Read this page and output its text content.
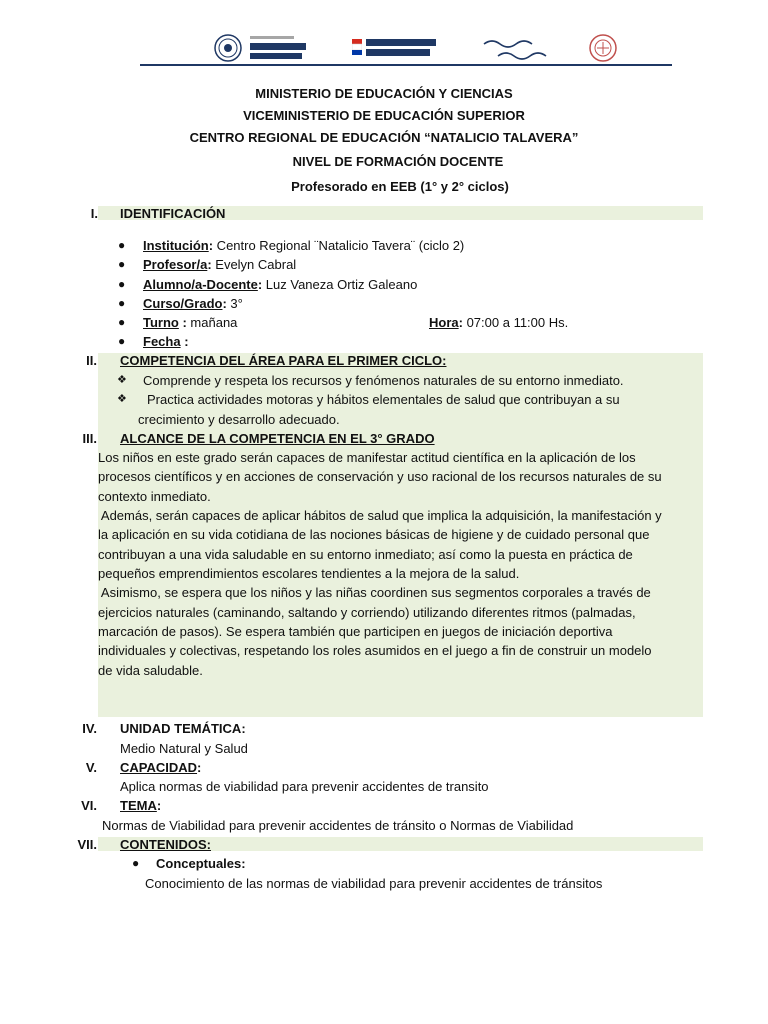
MINISTERIO DE EDUCACIÓN Y CIENCIAS
VICEMINISTERIO DE EDUCACIÓN SUPERIOR
CENTRO REGIONAL DE EDUCACIÓN “NATALICIO TALAVERA”
NIVEL DE FORMACIÓN DOCENTE
Profesorado en EEB (1° y 2° ciclos)
I. IDENTIFICACIÓN
● Institución: Centro Regional ¨Natalicio Tavera¨ (ciclo 2)
● Profesor/a: Evelyn Cabral
● Alumno/a-Docente: Luz Vaneza Ortiz Galeano
● Curso/Grado: 3°
● Turno : mañana	Hora: 07:00 a 11:00 Hs.
● Fecha :
II. COMPETENCIA DEL ÁREA PARA EL PRIMER CICLO:
❖ Comprende y respeta los recursos y fenómenos naturales de su entorno inmediato.
❖ Practica actividades motoras y hábitos elementales de salud que contribuyan a su
crecimiento y desarrollo adecuado.
III. ALCANCE DE LA COMPETENCIA EN EL 3° GRADO
Los niños en este grado serán capaces de manifestar actitud científica en la aplicación de los
procesos científicos y en acciones de conservación y uso racional de los recursos naturales de su
contexto inmediato.
Además, serán capaces de aplicar hábitos de salud que implica la adquisición, la manifestación y
la aplicación en su vida cotidiana de las nociones básicas de higiene y de cuidado personal que
contribuyan a una vida saludable en su entorno inmediato; así como la puesta en práctica de
pequeños emprendimientos escolares tendientes a la mejora de la salud.
Asimismo, se espera que los niños y las niñas coordinen sus segmentos corporales a través de
ejercicios naturales (caminando, saltando y corriendo) utilizando diferentes ritmos (palmadas,
marcación de pasos). Se espera también que participen en juegos de iniciación deportiva
individuales y colectivas, respetando los roles asumidos en el juego a fin de construir un modelo
de vida saludable.
IV. UNIDAD TEMÁTICA:
Medio Natural y Salud
V. CAPACIDAD:
Aplica normas de viabilidad para prevenir accidentes de transito
VI. TEMA:
Normas de Viabilidad para prevenir accidentes de tránsito o Normas de Viabilidad
VII. CONTENIDOS:
● Conceptuales:
Conocimiento de las normas de viabilidad para prevenir accidentes de tránsitos
